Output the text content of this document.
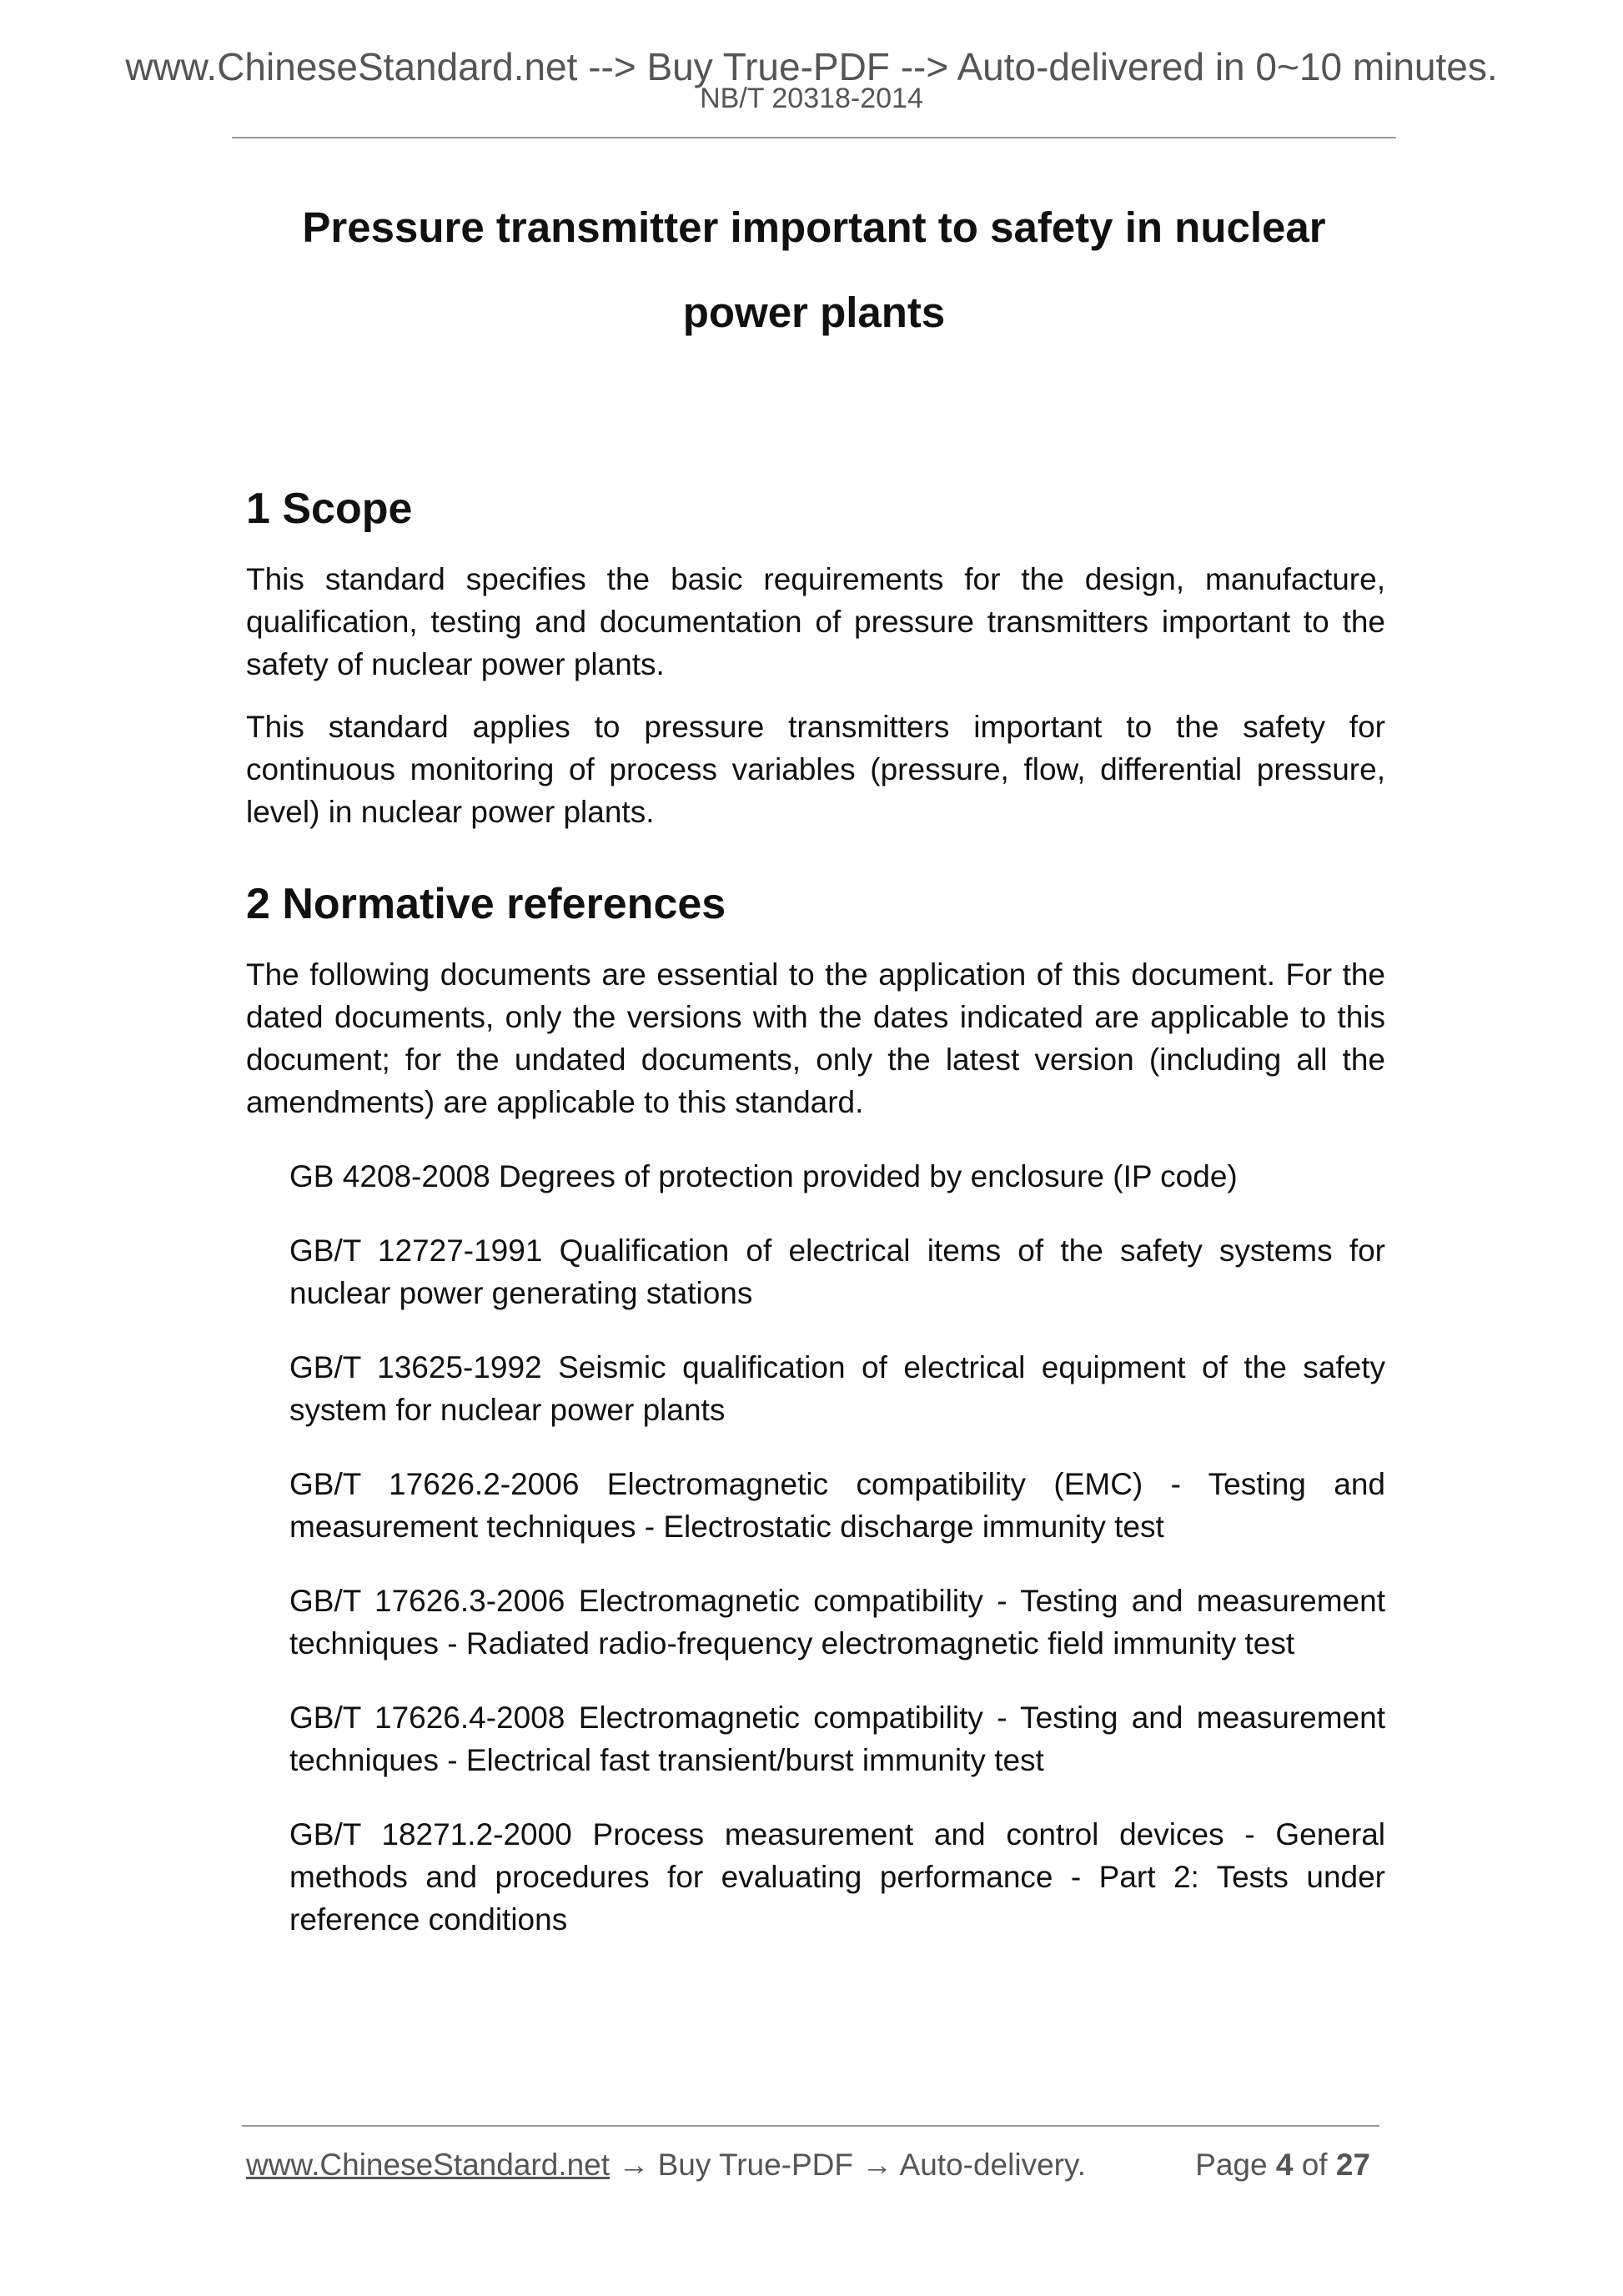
www.ChineseStandard.net --> Buy True-PDF --> Auto-delivered in 0~10 minutes.
NB/T 20318-2014
Pressure transmitter important to safety in nuclear
power plants
1 Scope

This standard specifies the basic requirements for the design, manufacture, qualification, testing and documentation of pressure transmitters important to the safety of nuclear power plants.

This standard applies to pressure transmitters important to the safety for continuous monitoring of process variables (pressure, flow, differential pressure, level) in nuclear power plants.

2 Normative references

The following documents are essential to the application of this document. For the dated documents, only the versions with the dates indicated are applicable to this document; for the undated documents, only the latest version (including all the amendments) are applicable to this standard.

GB 4208-2008 Degrees of protection provided by enclosure (IP code)
GB/T 12727-1991 Qualification of electrical items of the safety systems for nuclear power generating stations
GB/T 13625-1992 Seismic qualification of electrical equipment of the safety system for nuclear power plants
GB/T 17626.2-2006 Electromagnetic compatibility (EMC) - Testing and measurement techniques - Electrostatic discharge immunity test
GB/T 17626.3-2006 Electromagnetic compatibility - Testing and measurement techniques - Radiated radio-frequency electromagnetic field immunity test
GB/T 17626.4-2008 Electromagnetic compatibility - Testing and measurement techniques - Electrical fast transient/burst immunity test
GB/T 18271.2-2000 Process measurement and control devices - General methods and procedures for evaluating performance - Part 2: Tests under reference conditions
www.ChineseStandard.net → Buy True-PDF → Auto-delivery.	Page 4 of 27
